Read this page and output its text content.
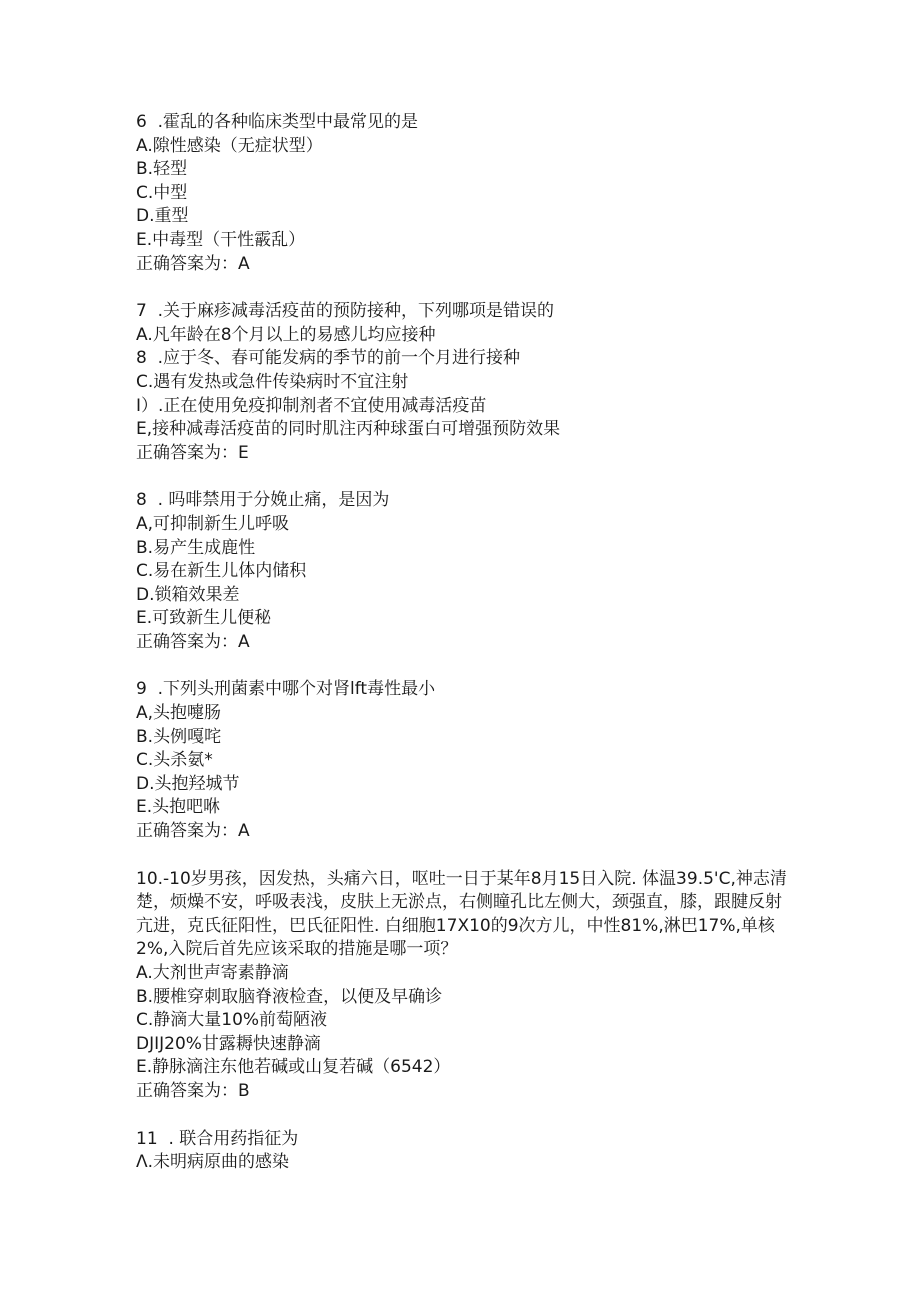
6  .霍乱的各种临床类型中最常见的是
A.隙性感染（无症状型）
B.轻型
C.中型
D.重型
E.中毒型（干性霰乱）
正确答案为：A
7  .关于麻疹减毒活疫苗的预防接种，下列哪项是错误的
A.凡年龄在8个月以上的易感儿均应接种
8  .应于冬、春可能发病的季节的前一个月进行接种
C.遇有发热或急件传染病时不宜注射
I）.正在使用免疫抑制剂者不宜使用减毒活疫苗
E,接种减毒活疫苗的同时肌注丙种球蛋白可增强预防效果
正确答案为：E
8  . 吗啡禁用于分娩止痛，是因为
A,可抑制新生儿呼吸
B.易产生成鹿性
C.易在新生儿体内储积
D.锁箱效果差
E.可致新生儿便秘
正确答案为：A
9  .下列头刑菌素中哪个对肾lft毒性最小
A,头抱嚏肠
B.头例嘎咤
C.头杀氨*
D.头抱羟城节
E.头抱吧咻
正确答案为：A
10.-10岁男孩，因发热，头痛六日，呕吐一日于某年8月15日入院. 体温39.5'C,神志清楚，烦燥不安，呼吸表浅，皮肤上无淤点，右侧瞳孔比左侧大，颈强直，膝，跟腱反射亢进，克氏征阳性，巴氏征阳性. 白细胞17X10的9次方儿，中性81%,淋巴17%,单核2%,入院后首先应该采取的措施是哪一项？
A.大剂世声寄素静滴
B.腰椎穿刺取脑脊液检查，以便及早确诊
C.静滴大量10%前萄陋液
DJIJ20%甘露耨快速静滴
E.静脉滴注东他若碱或山复若碱（6542）
正确答案为：B
11  . 联合用药指征为
Λ.未明病原曲的感染
